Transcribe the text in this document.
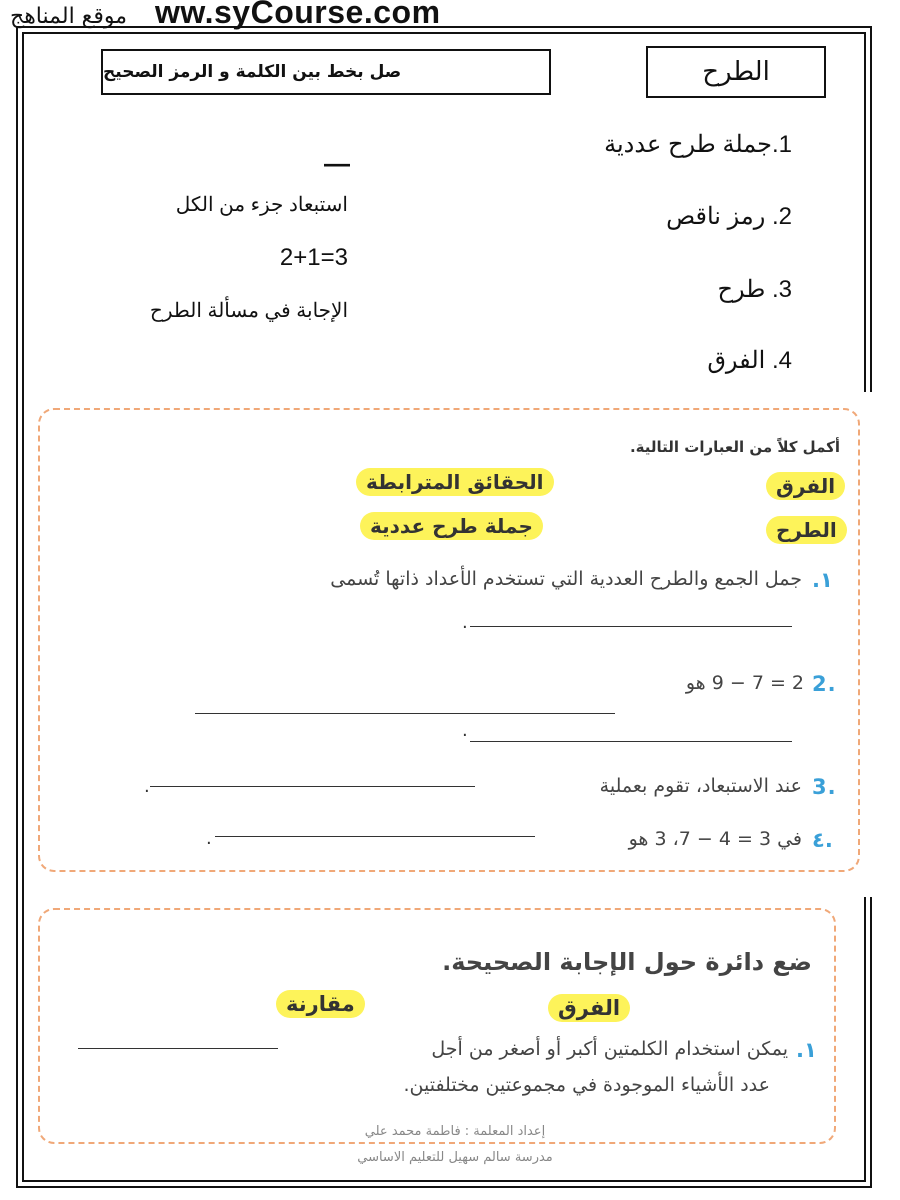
ww.syCourse.com
موقع المناهج
صل بخط بين الكلمة و الرمز الصحيح	الطرح
—
استبعاد جزء من الكل
2+1=3
الإجابة في مسألة الطرح
1.جملة طرح عددية
2. رمز ناقص
3. طرح
4. الفرق
أكمل كلاً من العبارات التالية.
الفرق
الحقائق المترابطة
الطرح
جملة طرح عددية
١.
جمل الجمع والطرح العددية التي تستخدم الأعداد ذاتها تُسمى
.
.2
2 = 7 − 9 هو
.
.3
عند الاستبعاد، تقوم بعملية
.
.٤
في 3 = 4 − 7، 3 هو
.
ضع دائرة حول الإجابة الصحيحة.
الفرق
مقارنة
١.
يمكن استخدام الكلمتين أكبر أو أصغر من أجل
عدد الأشياء الموجودة في مجموعتين مختلفتين.
إعداد المعلمة : فاطمة محمد علي
مدرسة سالم سهيل للتعليم الاساسي
